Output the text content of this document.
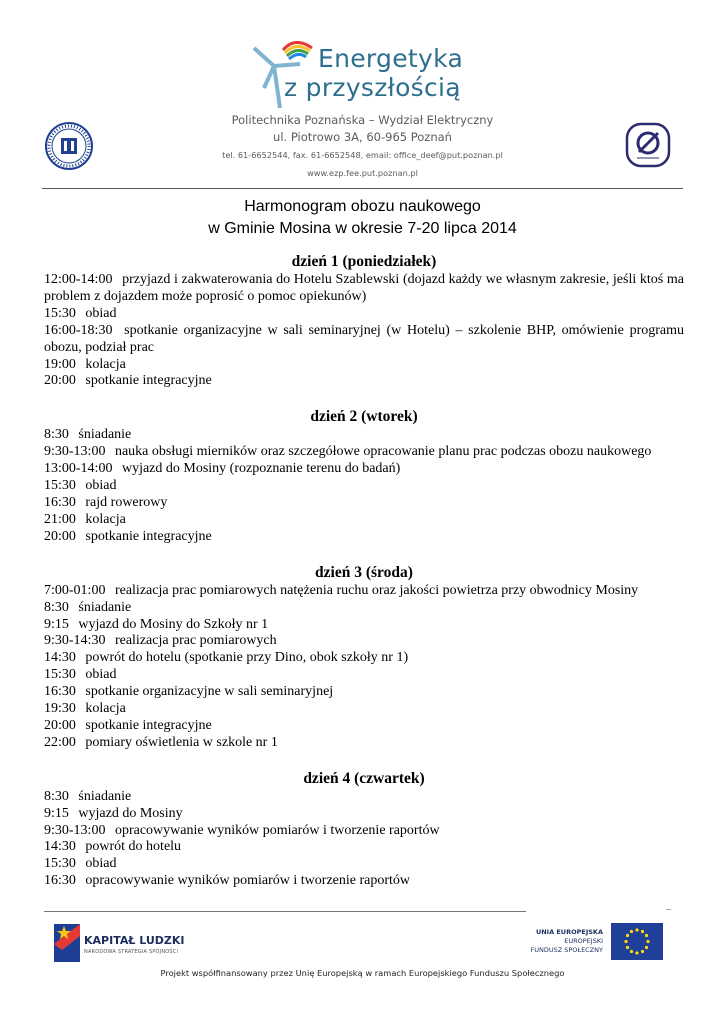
Energetyka
z przyszłością
Politechnika Poznańska – Wydział Elektryczny
ul. Piotrowo 3A, 60-965 Poznań
tel. 61-6652544, fax. 61-6652548, email: office_deef@put.poznan.pl
www.ezp.fee.put.poznan.pl
Harmonogram obozu naukowego
w Gminie Mosina w okresie 7-20 lipca 2014
dzień 1 (poniedziałek)
12:00-14:00 przyjazd i zakwaterowania do Hotelu Szablewski (dojazd każdy we własnym zakresie, jeśli ktoś ma problem z dojazdem może poprosić o pomoc opiekunów)
15:30 obiad
16:00-18:30 spotkanie organizacyjne w sali seminaryjnej (w Hotelu) – szkolenie BHP, omówienie programu obozu, podział prac
19:00 kolacja
20:00 spotkanie integracyjne
dzień 2 (wtorek)
8:30 śniadanie
9:30-13:00 nauka obsługi mierników oraz szczegółowe opracowanie planu prac podczas obozu naukowego
13:00-14:00 wyjazd do Mosiny (rozpoznanie terenu do badań)
15:30 obiad
16:30 rajd rowerowy
21:00 kolacja
20:00 spotkanie integracyjne
dzień 3 (środa)
7:00-01:00 realizacja prac pomiarowych natężenia ruchu oraz jakości powietrza przy obwodnicy Mosiny
8:30 śniadanie
9:15 wyjazd do Mosiny do Szkoły nr 1
9:30-14:30 realizacja prac pomiarowych
14:30 powrót do hotelu (spotkanie przy Dino, obok szkoły nr 1)
15:30 obiad
16:30 spotkanie organizacyjne w sali seminaryjnej
19:30 kolacja
20:00 spotkanie integracyjne
22:00 pomiary oświetlenia w szkole nr 1
dzień 4 (czwartek)
8:30 śniadanie
9:15 wyjazd do Mosiny
9:30-13:00 opracowywanie wyników pomiarów i tworzenie raportów
14:30 powrót do hotelu
15:30 obiad
16:30 opracowywanie wyników pomiarów i tworzenie raportów
–
KAPITAŁ LUDZKI
NARODOWA STRATEGIA SPÓJNOŚCI
UNIA EUROPEJSKA
EUROPEJSKI
FUNDUSZ SPOŁECZNY
Projekt współfinansowany przez Unię Europejską w ramach Europejskiego Funduszu Społecznego
